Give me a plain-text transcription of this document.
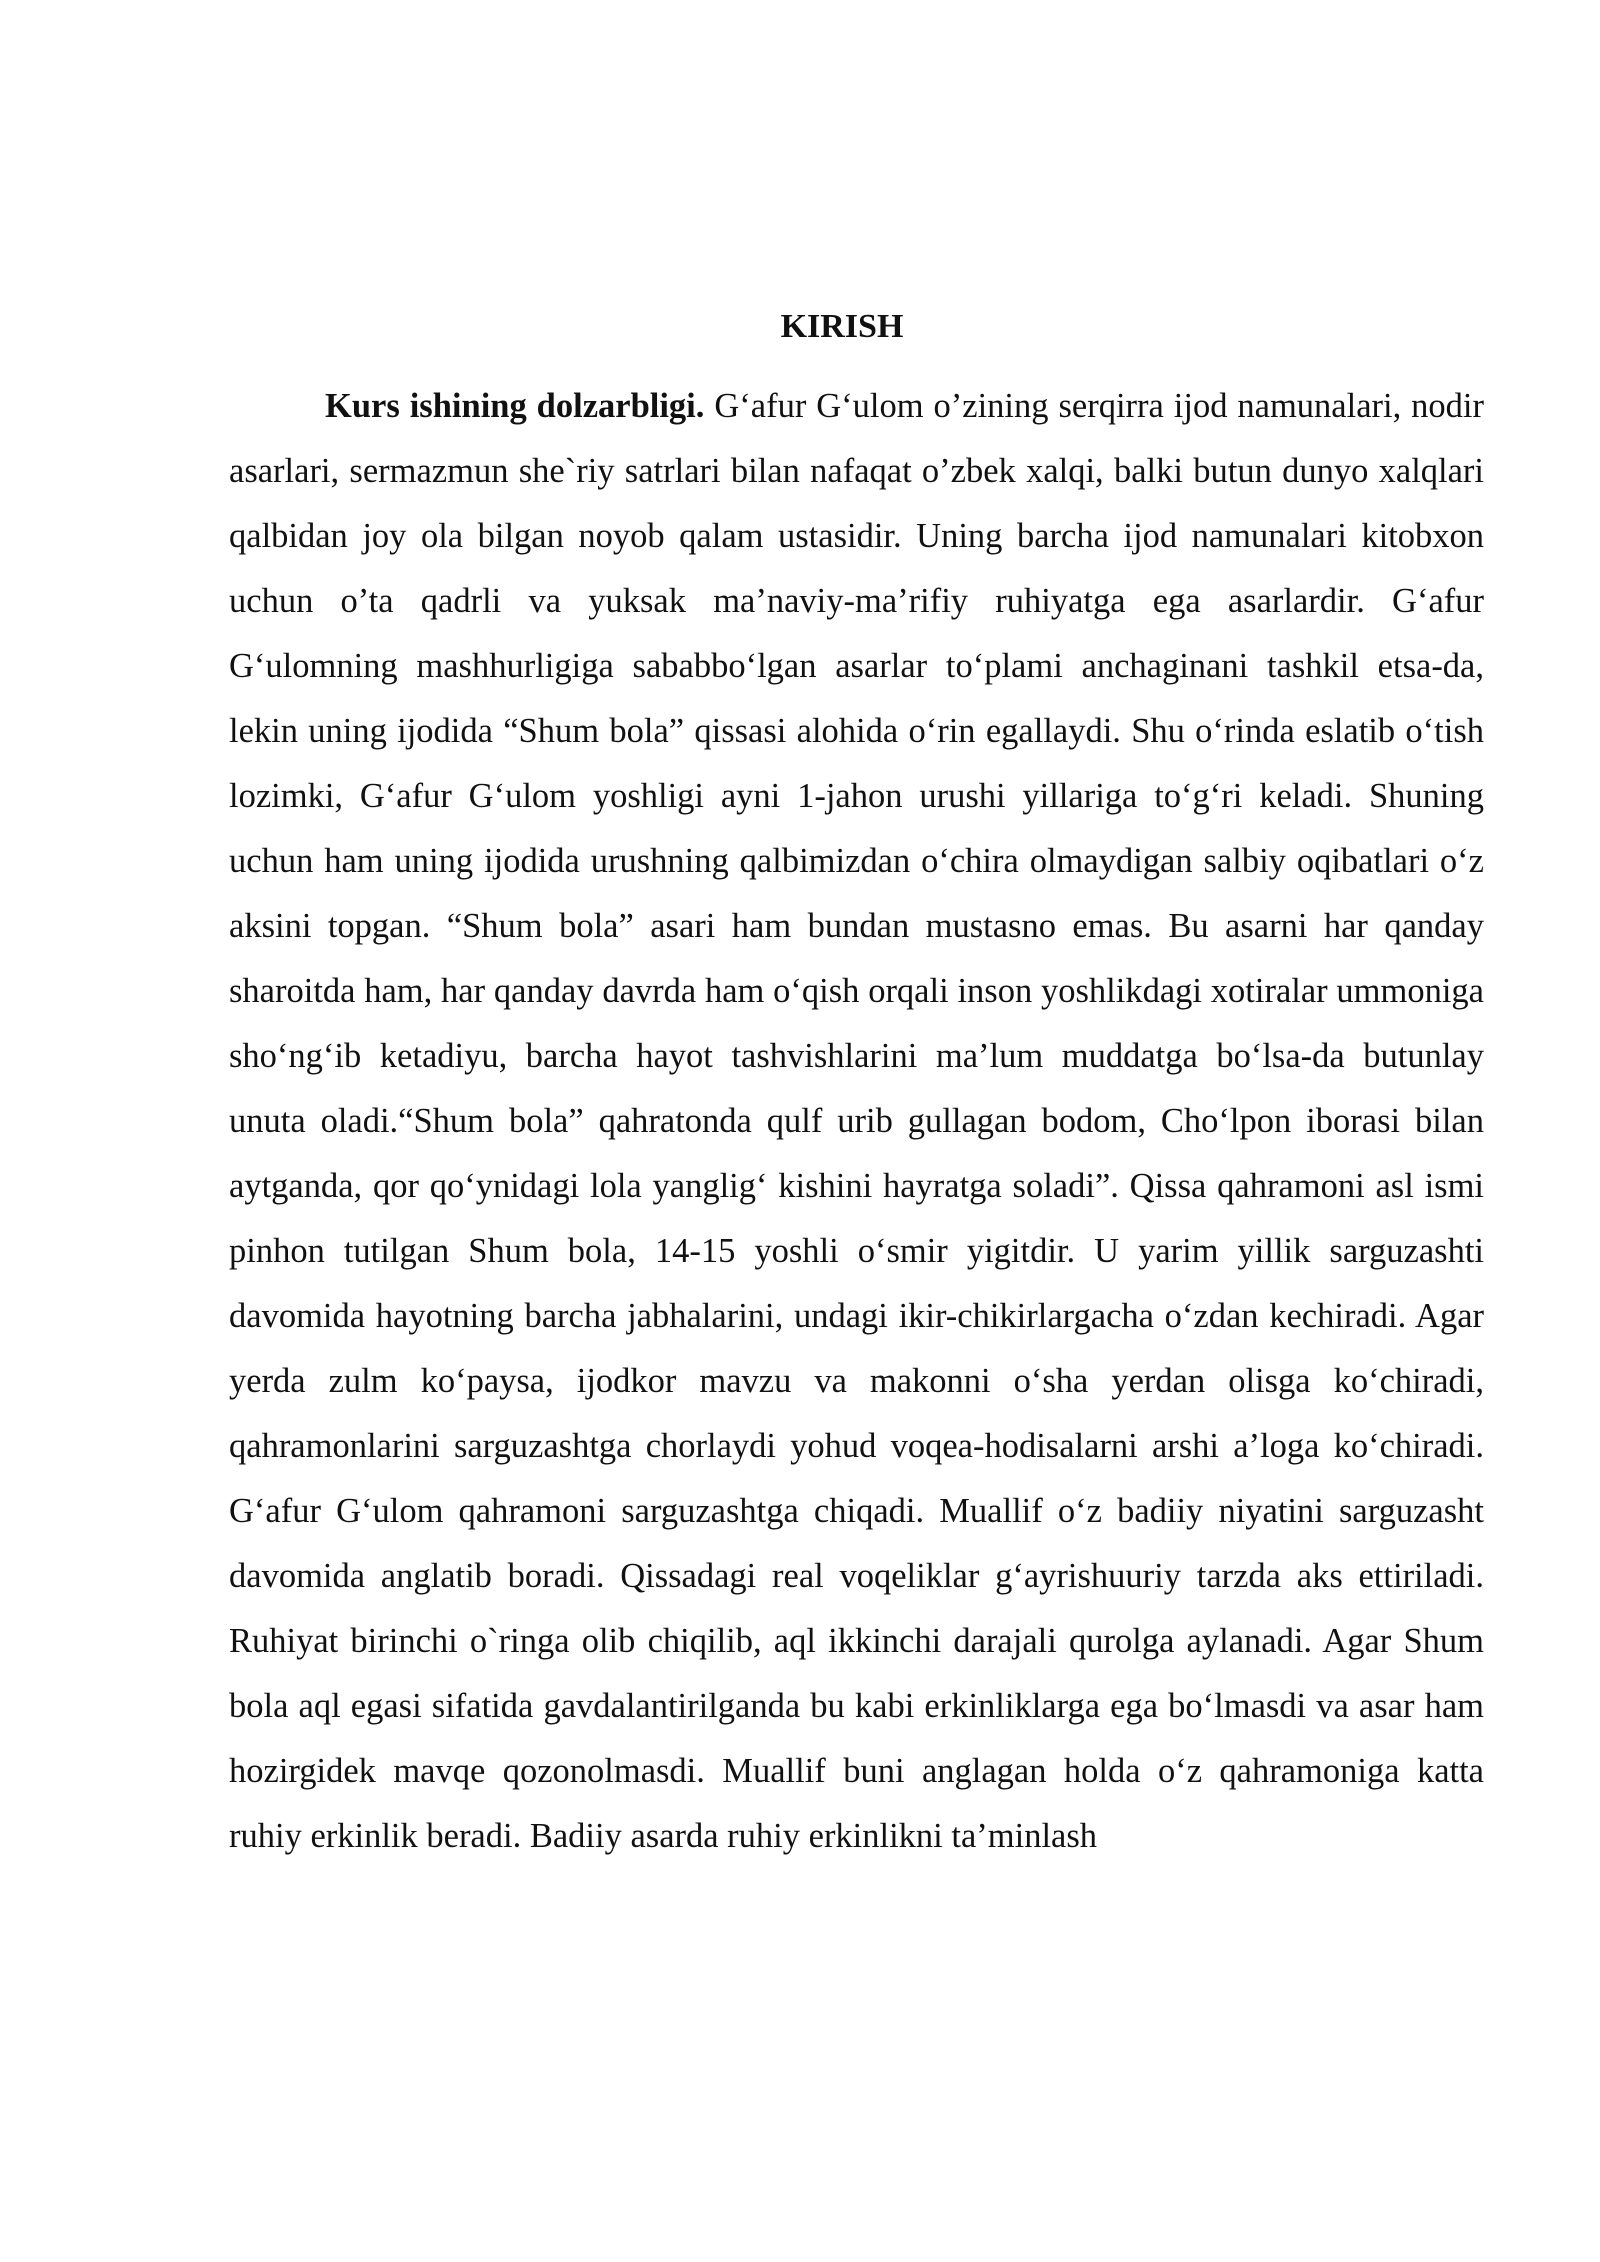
KIRISH

Kurs ishining dolzarbligi. G‘afur G‘ulom o’zining serqirra ijod namunalari, nodir asarlari, sermazmun she`riy satrlari bilan nafaqat o’zbek xalqi, balki butun dunyo xalqlari qalbidan joy ola bilgan noyob qalam ustasidir. Uning barcha ijod namunalari kitobxon uchun o’ta qadrli va yuksak ma’naviy-ma’rifiy ruhiyatga ega asarlardir. G‘afur G‘ulomning mashhurligiga sababbo‘lgan asarlar to‘plami anchaginani tashkil etsa-da, lekin uning ijodida “Shum bola” qissasi alohida o‘rin egallaydi. Shu o‘rinda eslatib o‘tish lozimki, G‘afur G‘ulom yoshligi ayni 1-jahon urushi yillariga to‘g‘ri keladi. Shuning uchun ham uning ijodida urushning qalbimizdan o‘chira olmaydigan salbiy oqibatlari o‘z aksini topgan. “Shum bola” asari ham bundan mustasno emas. Bu asarni har qanday sharoitda ham, har qanday davrda ham o‘qish orqali inson yoshlikdagi xotiralar ummoniga sho‘ng‘ib ketadiyu, barcha hayot tashvishlarini ma’lum muddatga bo‘lsa-da butunlay unuta oladi.“Shum bola” qahratonda qulf urib gullagan bodom, Cho‘lpon iborasi bilan aytganda, qor qo‘ynidagi lola yanglig‘ kishini hayratga soladi”. Qissa qahramoni asl ismi pinhon tutilgan Shum bola, 14-15 yoshli o‘smir yigitdir. U yarim yillik sarguzashti davomida hayotning barcha jabhalarini, undagi ikir-chikirlargacha o‘zdan kechiradi. Agar yerda zulm ko‘paysa, ijodkor mavzu va makonni o‘sha yerdan olisga ko‘chiradi, qahramonlarini sarguzashtga chorlaydi yohud voqea-hodisalarni arshi a’loga ko‘chiradi. G‘afur G‘ulom qahramoni sarguzashtga chiqadi. Muallif o‘z badiiy niyatini sarguzasht davomida anglatib boradi. Qissadagi real voqeliklar g‘ayrishuuriy tarzda aks ettiriladi. Ruhiyat birinchi o`ringa olib chiqilib, aql ikkinchi darajali qurolga aylanadi. Agar Shum bola aql egasi sifatida gavdalantirilganda bu kabi erkinliklarga ega bo‘lmasdi va asar ham hozirgidek mavqe qozonolmasdi. Muallif buni anglagan holda o‘z qahramoniga katta ruhiy erkinlik beradi. Badiiy asarda ruhiy erkinlikni ta’minlash
